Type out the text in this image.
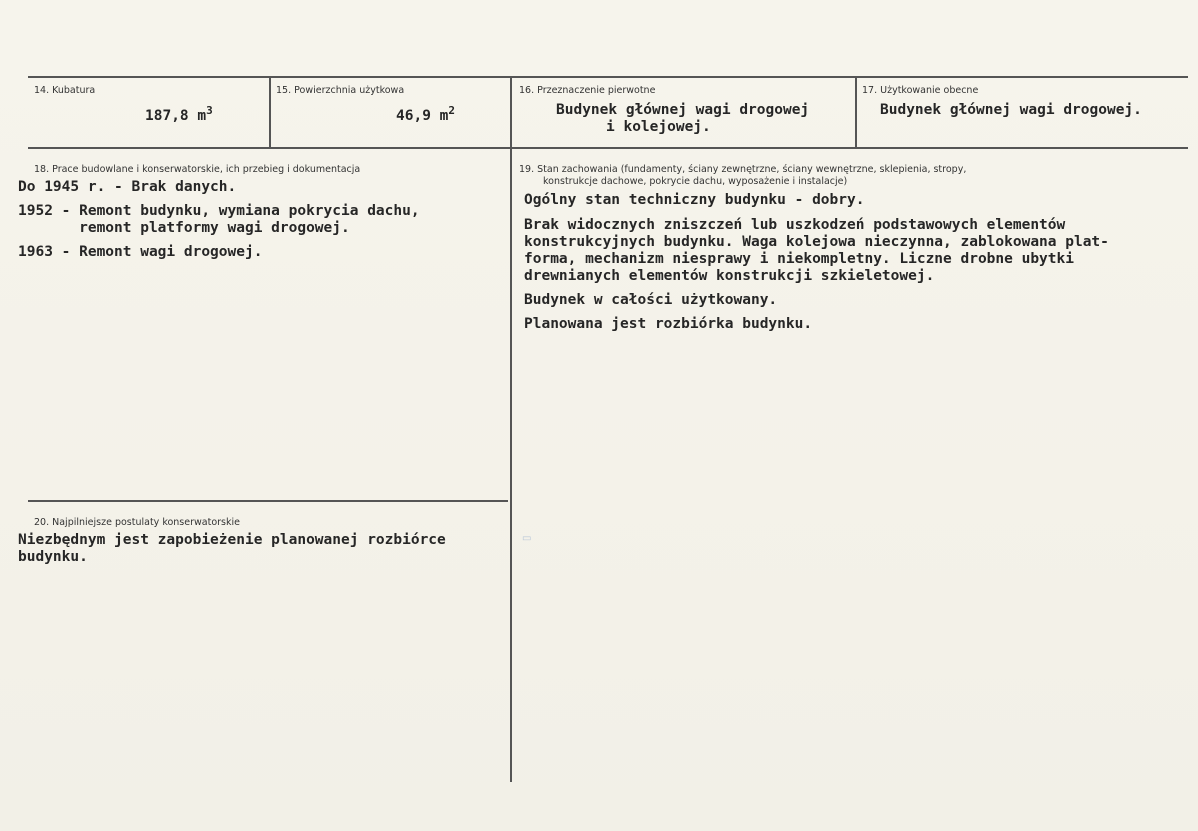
14. Kubatura
187,8 $m^3$
15. Powierzchnia użytkowa
46,9 $m^2$
16. Przeznaczenie pierwotne
Budynek głównej wagi drogowej
i kolejowej.
17. Użytkowanie obecne
Budynek głównej wagi drogowej.
18. Prace budowlane i konserwatorskie, ich przebieg i dokumentacja
Do 1945 r. - Brak danych.
1952 - Remont budynku, wymiana pokrycia dachu,
remont platformy wagi drogowej.
1963 - Remont wagi drogowej.
19. Stan zachowania (fundamenty, ściany zewnętrzne, ściany wewnętrzne, sklepienia, stropy,
konstrukcje dachowe, pokrycie dachu, wyposażenie i instalacje)
Ogólny stan techniczny budynku - dobry.
Brak widocznych zniszczeń lub uszkodzeń podstawowych elementów
konstrukcyjnych budynku. Waga kolejowa nieczynna, zablokowana plat-
forma, mechanizm niesprawy i niekompletny. Liczne drobne ubytki
drewnianych elementów konstrukcji szkieletowej.
Budynek w całości użytkowany.
Planowana jest rozbiórka budynku.
20. Najpilniejsze postulaty konserwatorskie
Niezbędnym jest zapobieżenie planowanej rozbiórce
budynku.
▭
